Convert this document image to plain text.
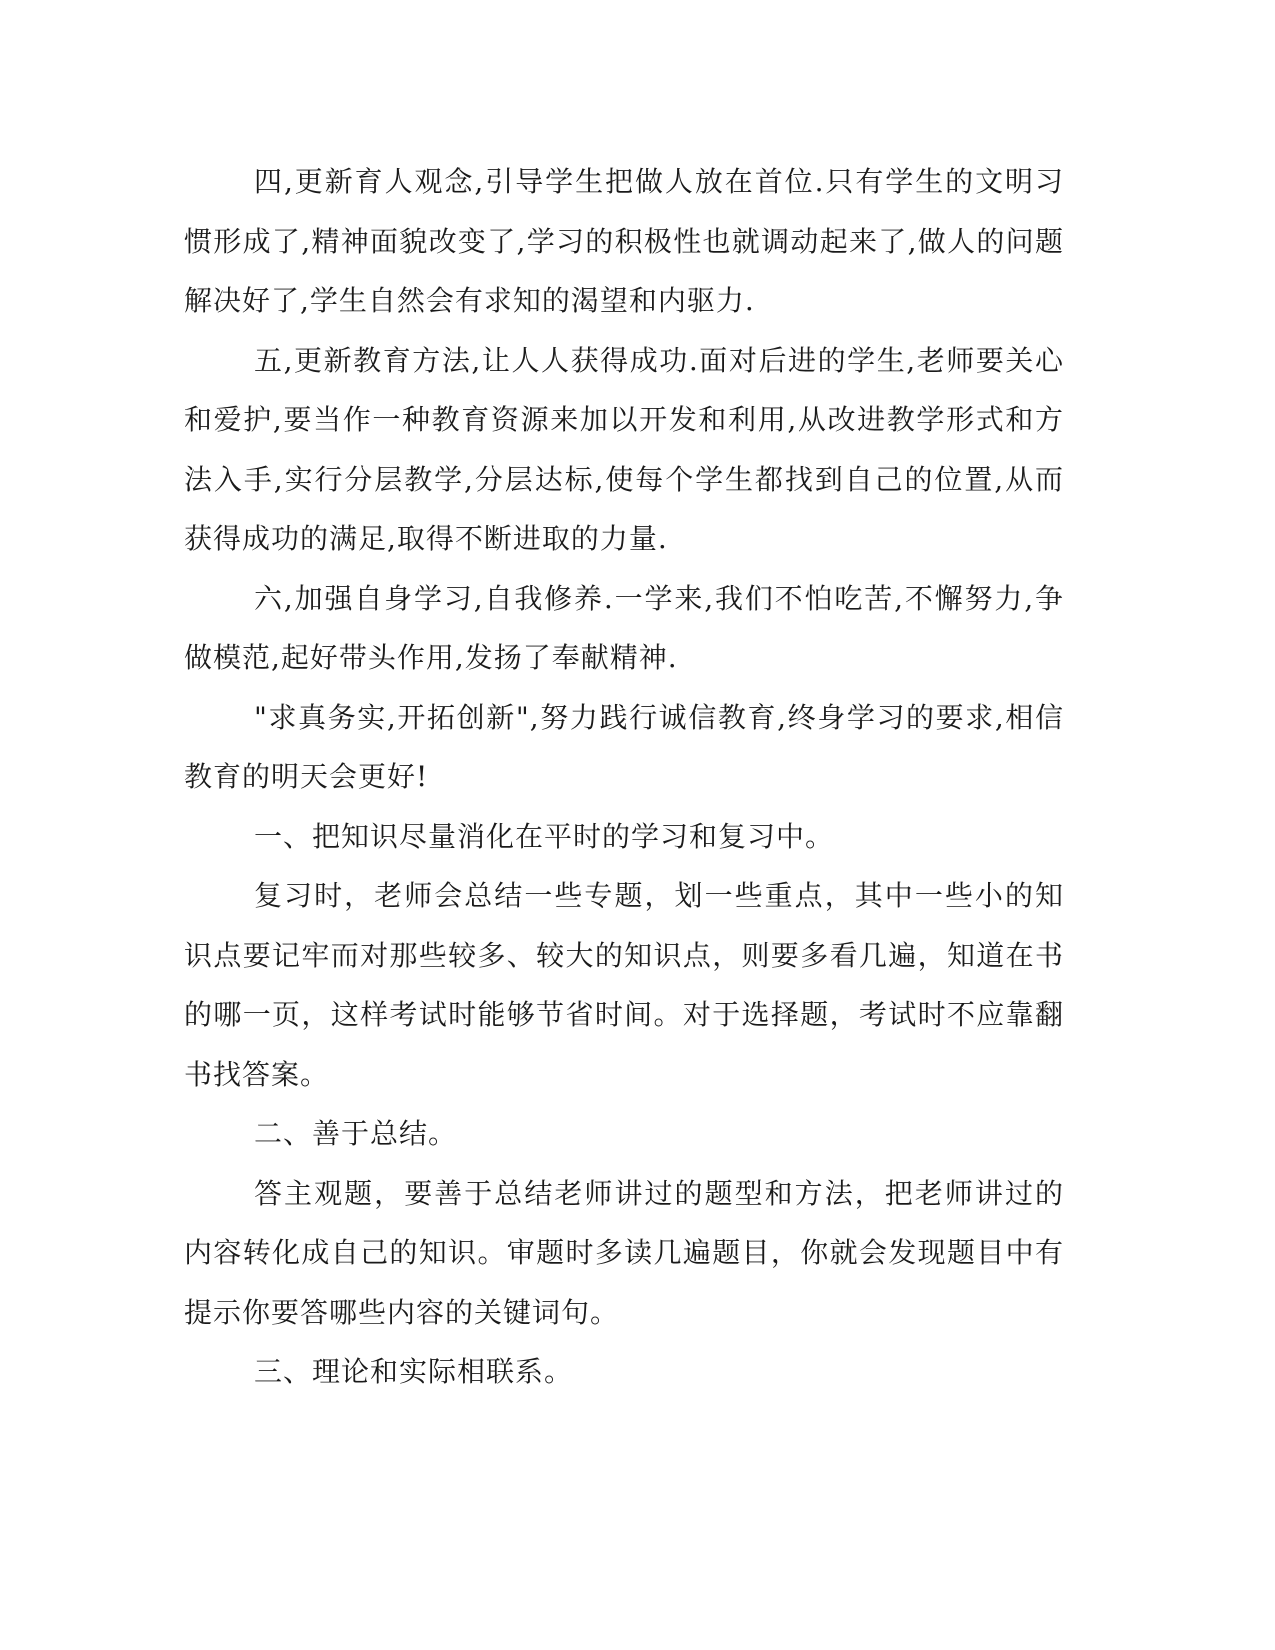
四,更新育人观念,引导学生把做人放在首位.只有学生的文明习惯形成了,精神面貌改变了,学习的积极性也就调动起来了,做人的问题解决好了,学生自然会有求知的渴望和内驱力.

五,更新教育方法,让人人获得成功.面对后进的学生,老师要关心和爱护,要当作一种教育资源来加以开发和利用,从改进教学形式和方法入手,实行分层教学,分层达标,使每个学生都找到自己的位置,从而获得成功的满足,取得不断进取的力量.

六,加强自身学习,自我修养.一学来,我们不怕吃苦,不懈努力,争做模范,起好带头作用,发扬了奉献精神.

"求真务实,开拓创新",努力践行诚信教育,终身学习的要求,相信教育的明天会更好!

一、把知识尽量消化在平时的学习和复习中。

复习时，老师会总结一些专题，划一些重点，其中一些小的知识点要记牢而对那些较多、较大的知识点，则要多看几遍，知道在书的哪一页，这样考试时能够节省时间。对于选择题，考试时不应靠翻书找答案。

二、善于总结。

答主观题，要善于总结老师讲过的题型和方法，把老师讲过的内容转化成自己的知识。审题时多读几遍题目，你就会发现题目中有提示你要答哪些内容的关键词句。

三、理论和实际相联系。
